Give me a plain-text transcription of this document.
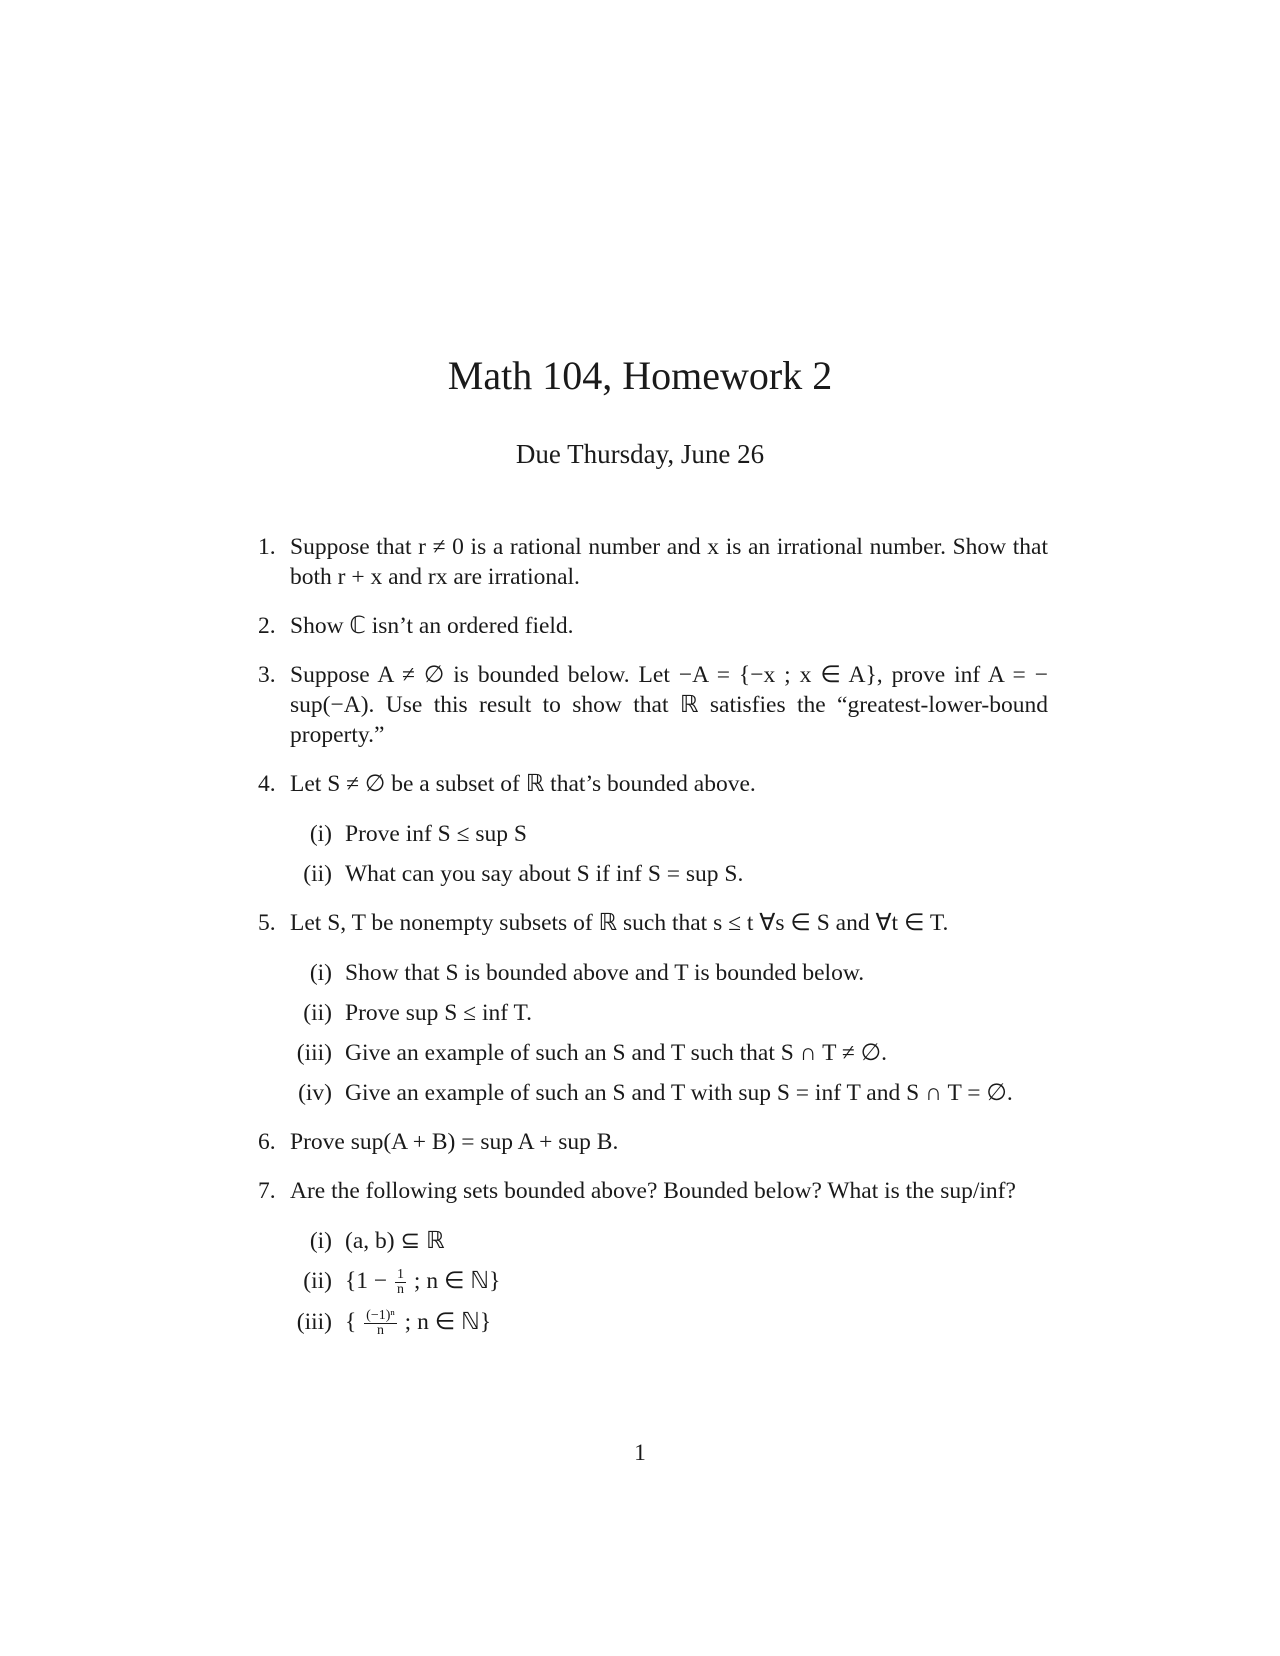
Math 104, Homework 2
Due Thursday, June 26
1. Suppose that r ≠ 0 is a rational number and x is an irrational number. Show that both r + x and rx are irrational.
2. Show ℂ isn’t an ordered field.
3. Suppose A ≠ ∅ is bounded below. Let −A = {−x ; x ∈ A}, prove inf A = − sup(−A). Use this result to show that ℝ satisfies the “greatest-lower-bound property.”
4. Let S ≠ ∅ be a subset of ℝ that’s bounded above.
(i) Prove inf S ≤ sup S
(ii) What can you say about S if inf S = sup S.
5. Let S, T be nonempty subsets of ℝ such that s ≤ t ∀s ∈ S and ∀t ∈ T.
(i) Show that S is bounded above and T is bounded below.
(ii) Prove sup S ≤ inf T.
(iii) Give an example of such an S and T such that S ∩ T ≠ ∅.
(iv) Give an example of such an S and T with sup S = inf T and S ∩ T = ∅.
6. Prove sup(A + B) = sup A + sup B.
7. Are the following sets bounded above? Bounded below? What is the sup/inf?
(i) (a, b) ⊆ ℝ
(ii) {$1 - \frac{1}{n}$ ; n ∈ ℕ}
(iii) { $\frac{\text{(−1)ⁿ}}{n}$ ; n ∈ ℕ}
1
